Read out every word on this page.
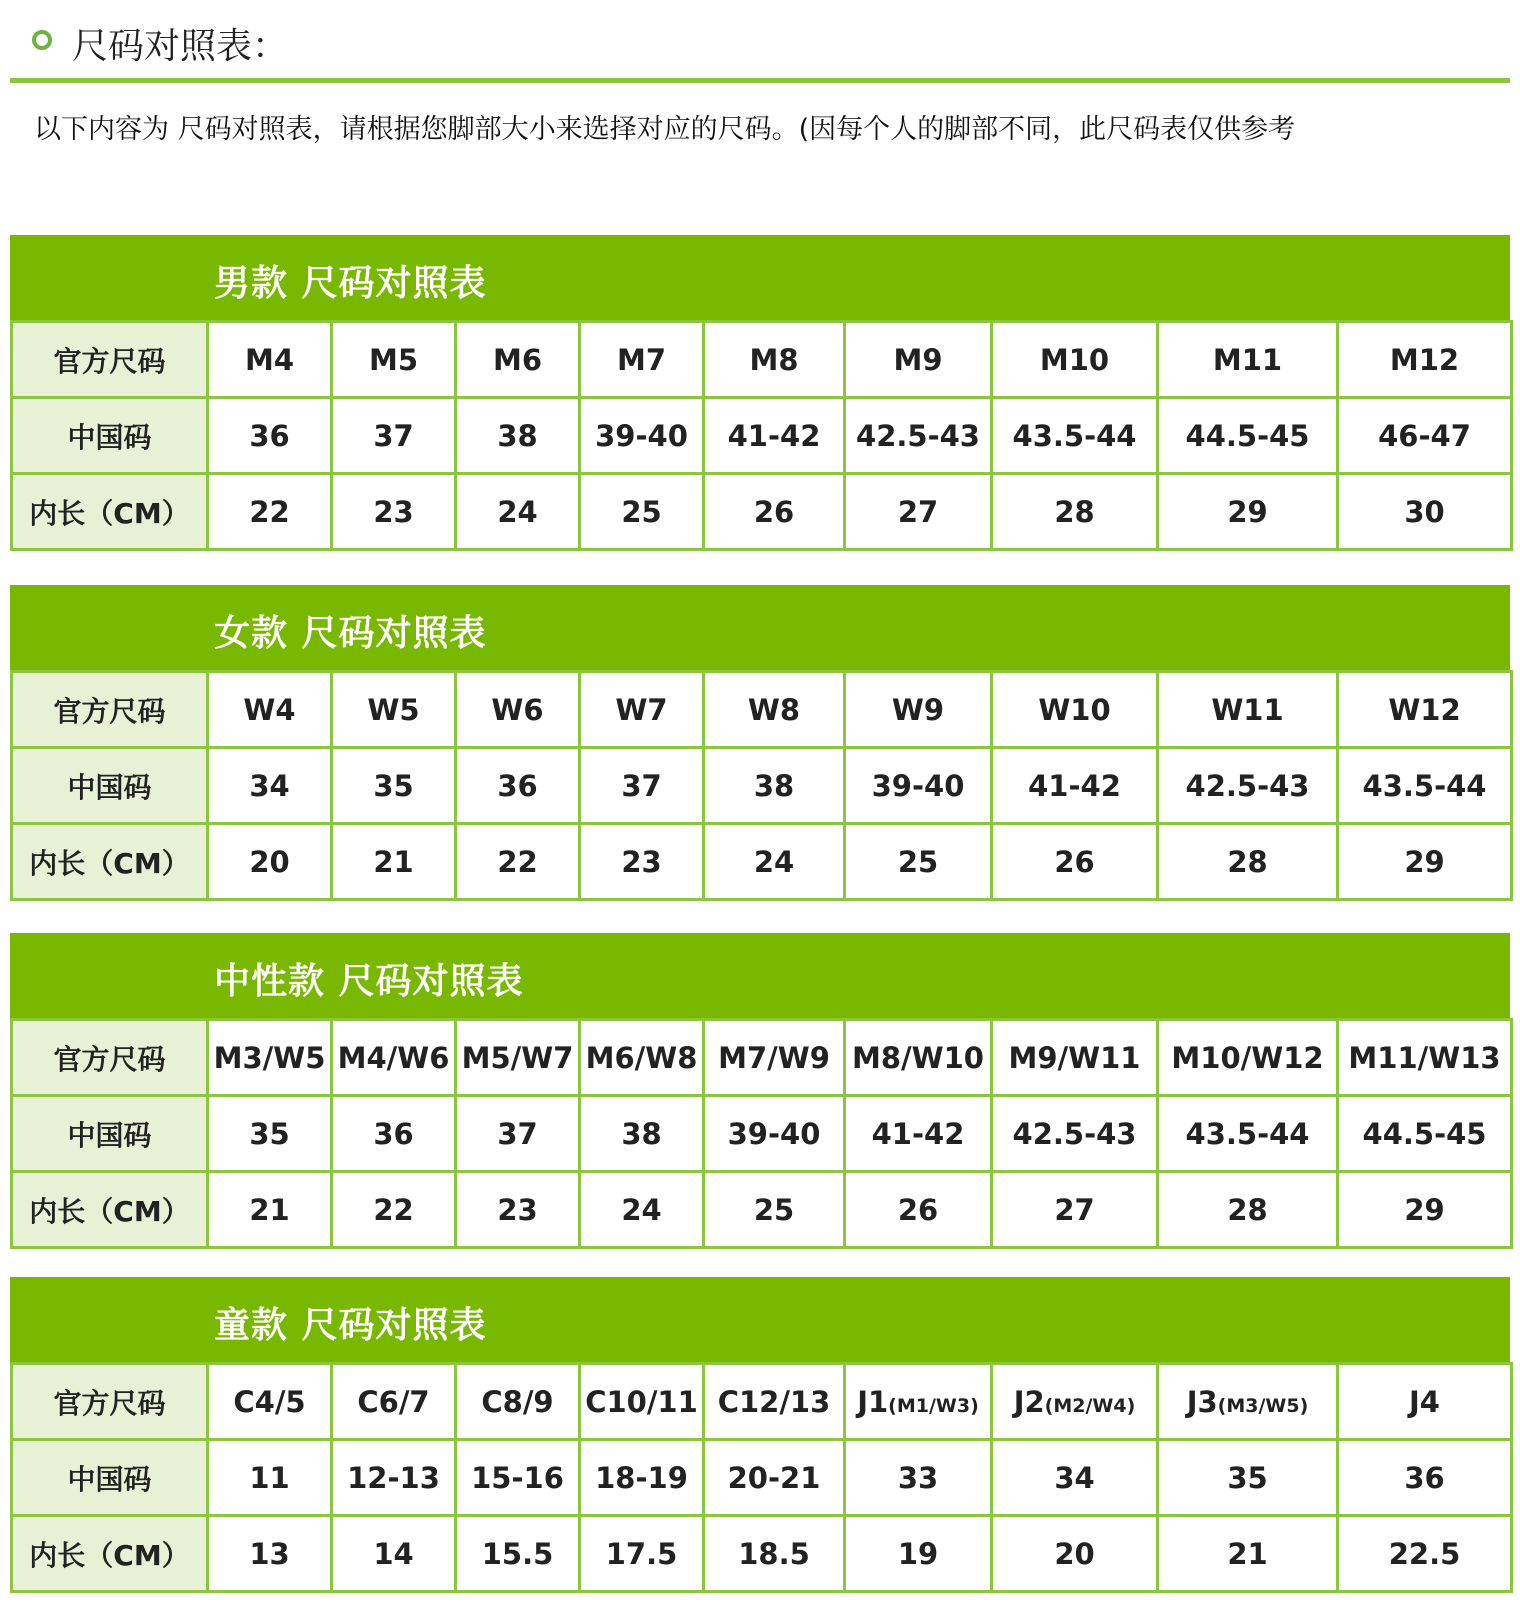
尺码对照表：
以下内容为 尺码对照表，请根据您脚部大小来选择对应的尺码。(因每个人的脚部不同，此尺码表仅供参考
男款 尺码对照表
官方尺码	M4	M5	M6	M7	M8	M9	M10	M11	M12
中国码	36	37	38	39-40	41-42	42.5-43	43.5-44	44.5-45	46-47
内长（CM）	22	23	24	25	26	27	28	29	30
女款 尺码对照表
官方尺码	W4	W5	W6	W7	W8	W9	W10	W11	W12
中国码	34	35	36	37	38	39-40	41-42	42.5-43	43.5-44
内长（CM）	20	21	22	23	24	25	26	28	29
中性款 尺码对照表
官方尺码	M3/W5	M4/W6	M5/W7	M6/W8	M7/W9	M8/W10	M9/W11	M10/W12	M11/W13
中国码	35	36	37	38	39-40	41-42	42.5-43	43.5-44	44.5-45
内长（CM）	21	22	23	24	25	26	27	28	29
童款 尺码对照表
官方尺码	C4/5	C6/7	C8/9	C10/11	C12/13	J1(M1/W3)	J2(M2/W4)	J3(M3/W5)	J4
中国码	11	12-13	15-16	18-19	20-21	33	34	35	36
内长（CM）	13	14	15.5	17.5	18.5	19	20	21	22.5
